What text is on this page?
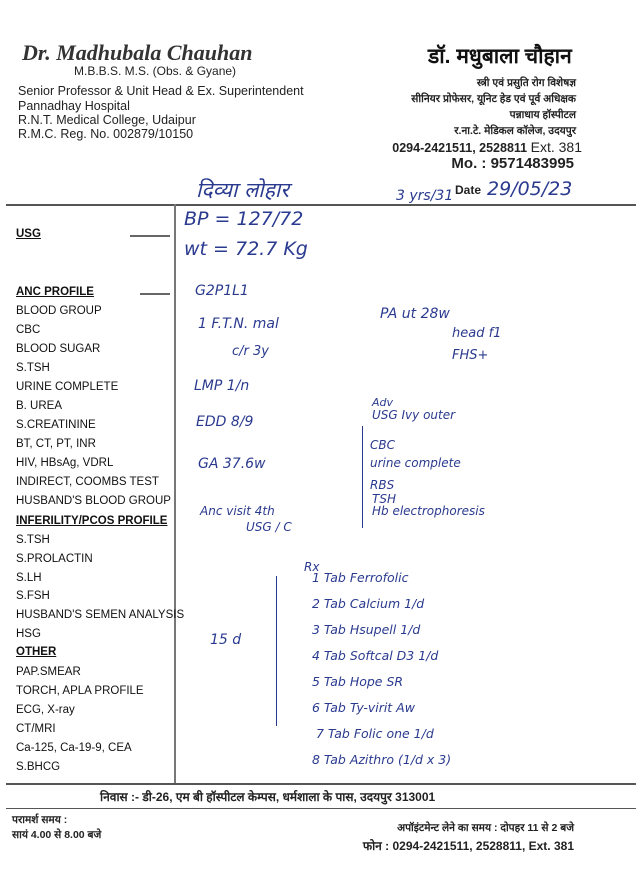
Dr. Madhubala Chauhan
M.B.B.S. M.S. (Obs. & Gyane)
Senior Professor & Unit Head & Ex. Superintendent
Pannadhay Hospital
R.N.T. Medical College, Udaipur
R.M.C. Reg. No. 002879/10150
डॉ. मधुबाला चौहान
स्त्री एवं प्रसुति रोग विशेषज्ञ
सीनियर प्रोफेसर, यूनिट हेड एवं पूर्व अधिक्षक
पन्नाधाय हॉस्पीटल
र.ना.टे. मेडिकल कॉलेज, उदयपुर
0294-2421511, 2528811 Ext. 381
Mo. : 9571483995
दिव्या लोहार	3 yrs/31 Date 29/05/23
USG
ANC PROFILE
BLOOD GROUP
CBC
BLOOD SUGAR
S.TSH
URINE COMPLETE
B. UREA
S.CREATININE
BT, CT, PT, INR
HIV, HBsAg, VDRL
INDIRECT, COOMBS TEST
HUSBAND'S BLOOD GROUP
INFERILITY/PCOS PROFILE
S.TSH
S.PROLACTIN
S.LH
S.FSH
HUSBAND'S SEMEN ANALYSIS
HSG
OTHER
PAP.SMEAR
TORCH, APLA PROFILE
ECG, X-ray
CT/MRI
Ca-125, Ca-19-9, CEA
S.BHCG
BP = 127/72
wt = 72.7 Kg
G2P1L1
1 F.T.N. mal
c/r 3y
LMP 1/n
EDD 8/9
GA 37.6w
Anc visit 4th
USG / C
PA ut 28w
head f1
FHS+
Adv
USG Ivy outer
CBC
urine complete
RBS
TSH
Hb electrophoresis
Rx
15 d
1 Tab Ferrofolic
2 Tab Calcium 1/d
3 Tab Hsupell 1/d
4 Tab Softcal D3 1/d
5 Tab Hope SR
6 Tab Ty-virit Aw
7 Tab Folic one 1/d
8 Tab Azithro (1/d x 3)
निवास :- डी-26, एम बी हॉस्पीटल केम्पस, धर्मशाला के पास, उदयपुर 313001
परामर्श समय :
सायं 4.00 से 8.00 बजे
अपॉइंटमेन्ट लेने का समय : दोपहर 11 से 2 बजे
फोन : 0294-2421511, 2528811, Ext. 381
